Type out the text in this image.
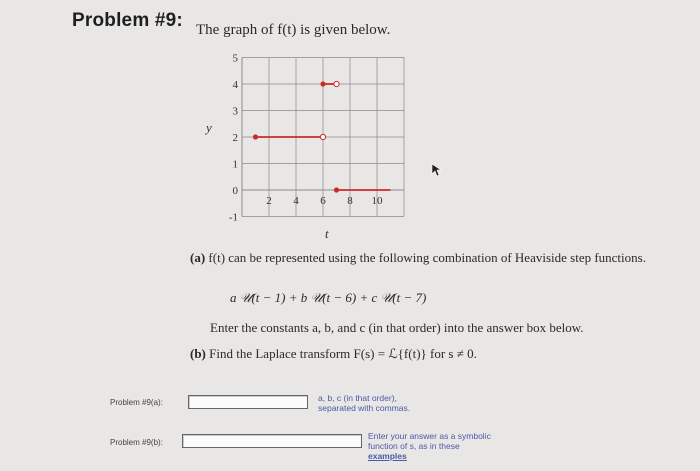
Problem #9: The graph of f(t) is given below.
5
4
3
2
1
0
-1
2 4 6 8 10
y
t
(a) f(t) can be represented using the following combination of Heaviside step functions.
a 𝒰(t − 1) + b 𝒰(t − 6) + c 𝒰(t − 7)
Enter the constants a, b, and c (in that order) into the answer box below.
(b) Find the Laplace transform F(s) = ℒ{f(t)} for s ≠ 0.
Problem #9(a):	a, b, c (in that order),
separated with commas.
Problem #9(b):
Enter your answer as a symbolic
function of s, as in these
examples
